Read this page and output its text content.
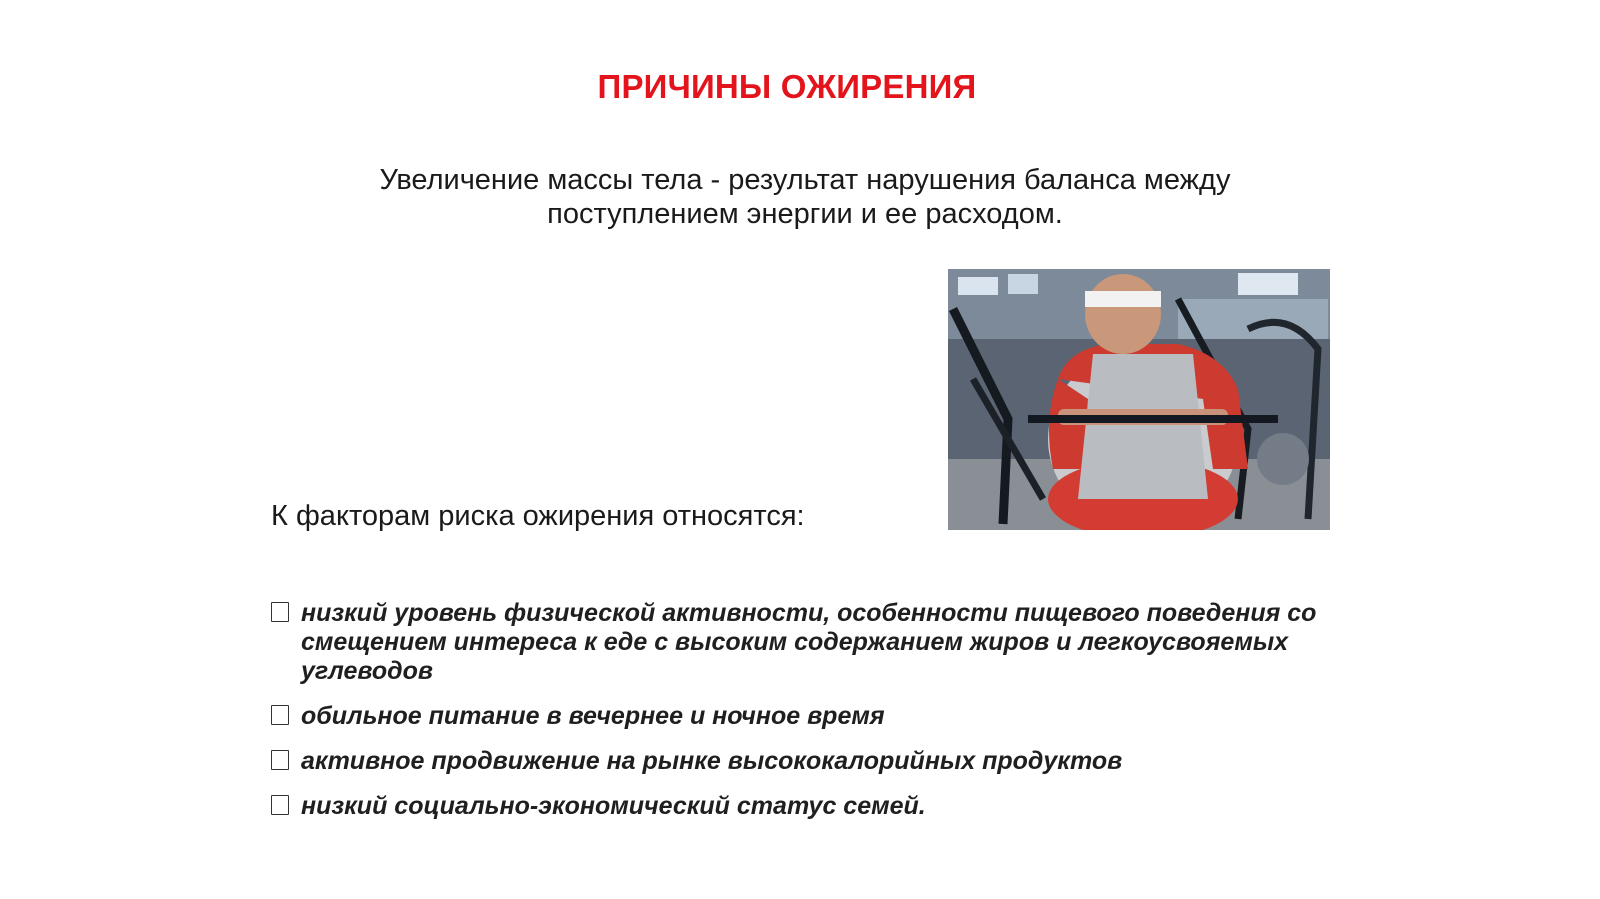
ПРИЧИНЫ ОЖИРЕНИЯ
Увеличение массы тела - результат нарушения баланса между поступлением энергии и ее расходом.
К факторам риска ожирения относятся:
низкий уровень физической активности, особенности пищевого поведения со смещением интереса к еде с высоким содержанием жиров и легкоусвояемых углеводов
обильное питание в вечернее и ночное время
активное продвижение на рынке высококалорийных продуктов
низкий социально-экономический статус семей.
